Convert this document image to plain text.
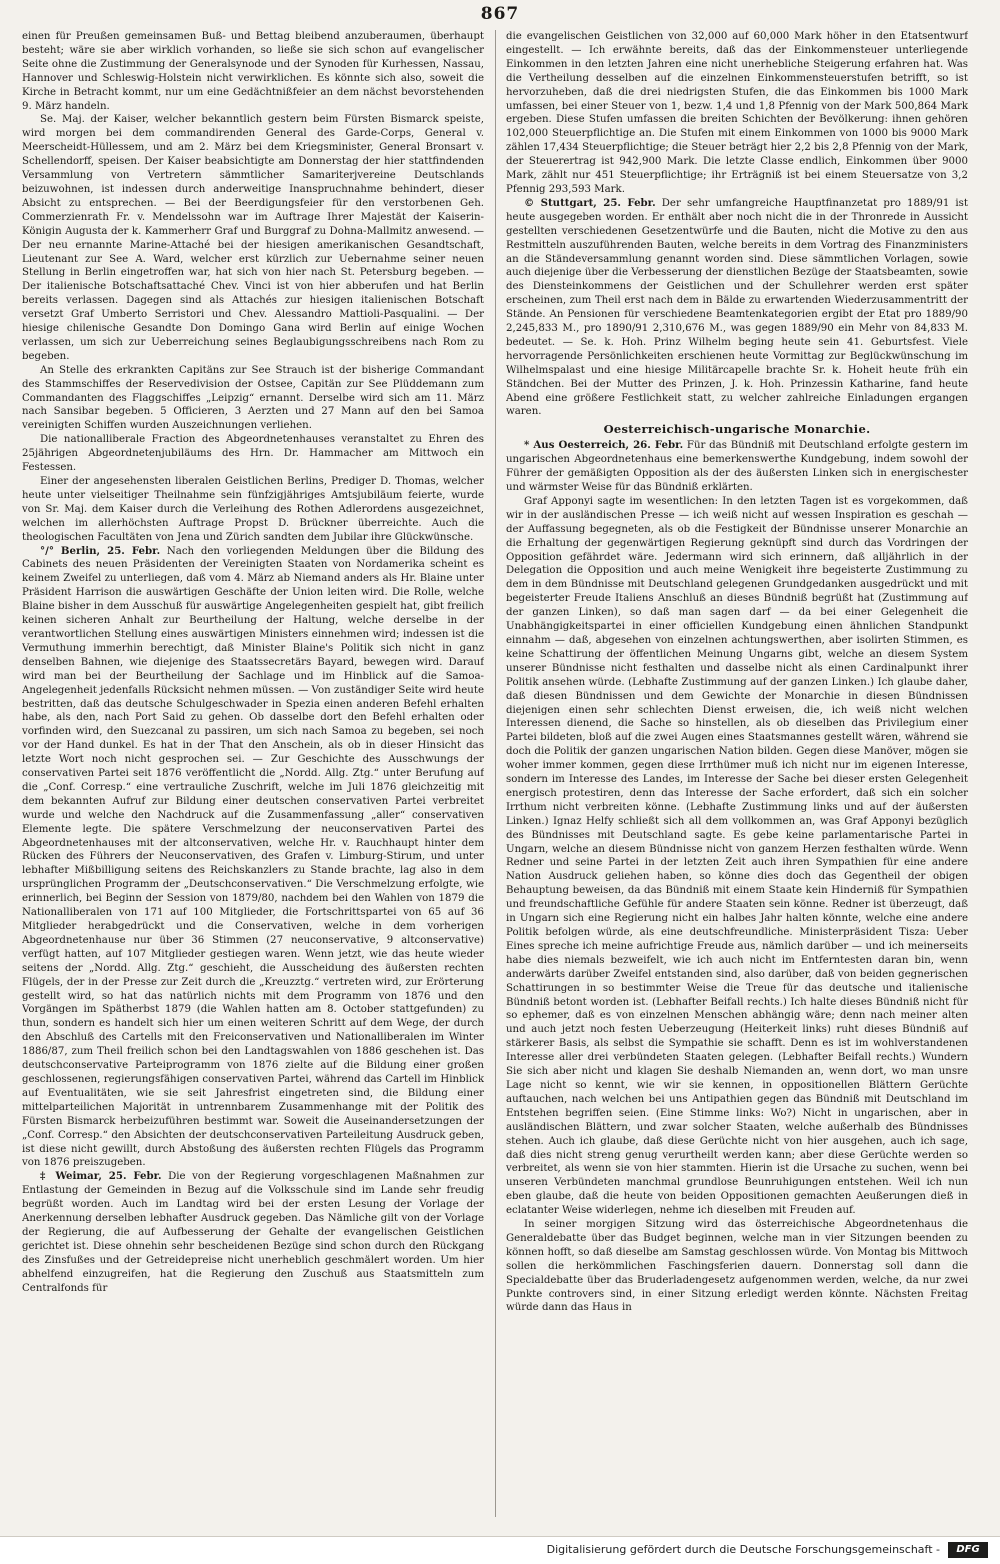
867

einen für Preußen gemeinsamen Buß- und Bettag bleibend anzuberaumen, überhaupt besteht; wäre sie aber wirklich vorhanden, so ließe sie sich schon auf evangelischer Seite ohne die Zustimmung der Generalsynode und der Synoden für Kurhessen, Nassau, Hannover und Schleswig-Holstein nicht verwirklichen. Es könnte sich also, soweit die Kirche in Betracht kommt, nur um eine Gedächtnißfeier an dem nächst bevorstehenden 9. März handeln.

Se. Maj. der Kaiser, welcher bekanntlich gestern beim Fürsten Bismarck speiste, wird morgen bei dem commandirenden General des Garde-Corps, General v. Meerscheidt-Hüllessem, und am 2. März bei dem Kriegsminister, General Bronsart v. Schellendorff, speisen. Der Kaiser beabsichtigte am Donnerstag der hier stattfindenden Versammlung von Vertretern sämmtlicher Samariterjvereine Deutschlands beizuwohnen, ist indessen durch anderweitige Inanspruchnahme behindert, dieser Absicht zu entsprechen. — Bei der Beerdigungsfeier für den verstorbenen Geh. Commerzienrath Fr. v. Mendelssohn war im Auftrage Ihrer Majestät der Kaiserin-Königin Augusta der k. Kammerherr Graf und Burggraf zu Dohna-Mallmitz anwesend. — Der neu ernannte Marine-Attaché bei der hiesigen amerikanischen Gesandtschaft, Lieutenant zur See A. Ward, welcher erst kürzlich zur Uebernahme seiner neuen Stellung in Berlin eingetroffen war, hat sich von hier nach St. Petersburg begeben. — Der italienische Botschaftsattaché Chev. Vinci ist von hier abberufen und hat Berlin bereits verlassen. Dagegen sind als Attachés zur hiesigen italienischen Botschaft versetzt Graf Umberto Serristori und Chev. Alessandro Mattioli-Pasqualini. — Der hiesige chilenische Gesandte Don Domingo Gana wird Berlin auf einige Wochen verlassen, um sich zur Ueberreichung seines Beglaubigungsschreibens nach Rom zu begeben.

An Stelle des erkrankten Capitäns zur See Strauch ist der bisherige Commandant des Stammschiffes der Reservedivision der Ostsee, Capitän zur See Plüddemann zum Commandanten des Flaggschiffes „Leipzig“ ernannt. Derselbe wird sich am 11. März nach Sansibar begeben. 5 Officieren, 3 Aerzten und 27 Mann auf den bei Samoa vereinigten Schiffen wurden Auszeichnungen verliehen.

Die nationalliberale Fraction des Abgeordnetenhauses veranstaltet zu Ehren des 25jährigen Abgeordnetenjubiläums des Hrn. Dr. Hammacher am Mittwoch ein Festessen.

Einer der angesehensten liberalen Geistlichen Berlins, Prediger D. Thomas, welcher heute unter vielseitiger Theilnahme sein fünfzigjähriges Amtsjubiläum feierte, wurde von Sr. Maj. dem Kaiser durch die Verleihung des Rothen Adlerordens ausgezeichnet, welchen im allerhöchsten Auftrage Propst D. Brückner überreichte. Auch die theologischen Facultäten von Jena und Zürich sandten dem Jubilar ihre Glückwünsche.

°/° Berlin, 25. Febr. Nach den vorliegenden Meldungen über die Bildung des Cabinets des neuen Präsidenten der Vereinigten Staaten von Nordamerika scheint es keinem Zweifel zu unterliegen, daß vom 4. März ab Niemand anders als Hr. Blaine unter Präsident Harrison die auswärtigen Geschäfte der Union leiten wird. Die Rolle, welche Blaine bisher in dem Ausschuß für auswärtige Angelegenheiten gespielt hat, gibt freilich keinen sicheren Anhalt zur Beurtheilung der Haltung, welche derselbe in der verantwortlichen Stellung eines auswärtigen Ministers einnehmen wird; indessen ist die Vermuthung immerhin berechtigt, daß Minister Blaine's Politik sich nicht in ganz denselben Bahnen, wie diejenige des Staatssecretärs Bayard, bewegen wird. Darauf wird man bei der Beurtheilung der Sachlage und im Hinblick auf die Samoa-Angelegenheit jedenfalls Rücksicht nehmen müssen. — Von zuständiger Seite wird heute bestritten, daß das deutsche Schulgeschwader in Spezia einen anderen Befehl erhalten habe, als den, nach Port Said zu gehen. Ob dasselbe dort den Befehl erhalten oder vorfinden wird, den Suezcanal zu passiren, um sich nach Samoa zu begeben, sei noch vor der Hand dunkel. Es hat in der That den Anschein, als ob in dieser Hinsicht das letzte Wort noch nicht gesprochen sei. — Zur Geschichte des Ausschwungs der conservativen Partei seit 1876 veröffentlicht die „Nordd. Allg. Ztg.“ unter Berufung auf die „Conf. Corresp.“ eine vertrauliche Zuschrift, welche im Juli 1876 gleichzeitig mit dem bekannten Aufruf zur Bildung einer deutschen conservativen Partei verbreitet wurde und welche den Nachdruck auf die Zusammenfassung „aller“ conservativen Elemente legte. Die spätere Verschmelzung der neuconservativen Partei des Abgeordnetenhauses mit der altconservativen, welche Hr. v. Rauchhaupt hinter dem Rücken des Führers der Neuconservativen, des Grafen v. Limburg-Stirum, und unter lebhafter Mißbilligung seitens des Reichskanzlers zu Stande brachte, lag also in dem ursprünglichen Programm der „Deutschconservativen.“ Die Verschmelzung erfolgte, wie erinnerlich, bei Beginn der Session von 1879/80, nachdem bei den Wahlen von 1879 die Nationalliberalen von 171 auf 100 Mitglieder, die Fortschrittspartei von 65 auf 36 Mitglieder herabgedrückt und die Conservativen, welche in dem vorherigen Abgeordnetenhause nur über 36 Stimmen (27 neuconservative, 9 altconservative) verfügt hatten, auf 107 Mitglieder gestiegen waren. Wenn jetzt, wie das heute wieder seitens der „Nordd. Allg. Ztg.“ geschieht, die Ausscheidung des äußersten rechten Flügels, der in der Presse zur Zeit durch die „Kreuzztg.“ vertreten wird, zur Erörterung gestellt wird, so hat das natürlich nichts mit dem Programm von 1876 und den Vorgängen im Spätherbst 1879 (die Wahlen hatten am 8. October stattgefunden) zu thun, sondern es handelt sich hier um einen weiteren Schritt auf dem Wege, der durch den Abschluß des Cartells mit den Freiconservativen und Nationalliberalen im Winter 1886/87, zum Theil freilich schon bei den Landtagswahlen von 1886 geschehen ist. Das deutschconservative Parteiprogramm von 1876 zielte auf die Bildung einer großen geschlossenen, regierungsfähigen conservativen Partei, während das Cartell im Hinblick auf Eventualitäten, wie sie seit Jahresfrist eingetreten sind, die Bildung einer mittelparteilichen Majorität in untrennbarem Zusammenhange mit der Politik des Fürsten Bismarck herbeizuführen bestimmt war. Soweit die Auseinandersetzungen der „Conf. Corresp.“ den Absichten der deutschconservativen Parteileitung Ausdruck geben, ist diese nicht gewillt, durch Abstoßung des äußersten rechten Flügels das Programm von 1876 preiszugeben.

‡ Weimar, 25. Febr. Die von der Regierung vorgeschlagenen Maßnahmen zur Entlastung der Gemeinden in Bezug auf die Volksschule sind im Lande sehr freudig begrüßt worden. Auch im Landtag wird bei der ersten Lesung der Vorlage der Anerkennung derselben lebhafter Ausdruck gegeben. Das Nämliche gilt von der Vorlage der Regierung, die auf Aufbesserung der Gehalte der evangelischen Geistlichen gerichtet ist. Diese ohnehin sehr bescheidenen Bezüge sind schon durch den Rückgang des Zinsfußes und der Getreidepreise nicht unerheblich geschmälert worden. Um hier abhelfend einzugreifen, hat die Regierung den Zuschuß aus Staatsmitteln zum Centralfonds für

die evangelischen Geistlichen von 32,000 auf 60,000 Mark höher in den Etatsentwurf eingestellt. — Ich erwähnte bereits, daß das der Einkommensteuer unterliegende Einkommen in den letzten Jahren eine nicht unerhebliche Steigerung erfahren hat. Was die Vertheilung desselben auf die einzelnen Einkommensteuerstufen betrifft, so ist hervorzuheben, daß die drei niedrigsten Stufen, die das Einkommen bis 1000 Mark umfassen, bei einer Steuer von 1, bezw. 1,4 und 1,8 Pfennig von der Mark 500,864 Mark ergeben. Diese Stufen umfassen die breiten Schichten der Bevölkerung: ihnen gehören 102,000 Steuerpflichtige an. Die Stufen mit einem Einkommen von 1000 bis 9000 Mark zählen 17,434 Steuerpflichtige; die Steuer beträgt hier 2,2 bis 2,8 Pfennig von der Mark, der Steuerertrag ist 942,900 Mark. Die letzte Classe endlich, Einkommen über 9000 Mark, zählt nur 451 Steuerpflichtige; ihr Erträgniß ist bei einem Steuersatze von 3,2 Pfennig 293,593 Mark.

© Stuttgart, 25. Febr. Der sehr umfangreiche Hauptfinanzetat pro 1889/91 ist heute ausgegeben worden. Er enthält aber noch nicht die in der Thronrede in Aussicht gestellten verschiedenen Gesetzentwürfe und die Bauten, nicht die Motive zu den aus Restmitteln auszuführenden Bauten, welche bereits in dem Vortrag des Finanzministers an die Ständeversammlung genannt worden sind. Diese sämmtlichen Vorlagen, sowie auch diejenige über die Verbesserung der dienstlichen Bezüge der Staatsbeamten, sowie des Diensteinkommens der Geistlichen und der Schullehrer werden erst später erscheinen, zum Theil erst nach dem in Bälde zu erwartenden Wiederzusammentritt der Stände. An Pensionen für verschiedene Beamtenkategorien ergibt der Etat pro 1889/90 2,245,833 M., pro 1890/91 2,310,676 M., was gegen 1889/90 ein Mehr von 84,833 M. bedeutet. — Se. k. Hoh. Prinz Wilhelm beging heute sein 41. Geburtsfest. Viele hervorragende Persönlichkeiten erschienen heute Vormittag zur Beglückwünschung im Wilhelmspalast und eine hiesige Militärcapelle brachte Sr. k. Hoheit heute früh ein Ständchen. Bei der Mutter des Prinzen, J. k. Hoh. Prinzessin Katharine, fand heute Abend eine größere Festlichkeit statt, zu welcher zahlreiche Einladungen ergangen waren.

Oesterreichisch-ungarische Monarchie.

* Aus Oesterreich, 26. Febr. Für das Bündniß mit Deutschland erfolgte gestern im ungarischen Abgeordnetenhaus eine bemerkenswerthe Kundgebung, indem sowohl der Führer der gemäßigten Opposition als der des äußersten Linken sich in energischester und wärmster Weise für das Bündniß erklärten.

Graf Apponyi sagte im wesentlichen: In den letzten Tagen ist es vorgekommen, daß wir in der ausländischen Presse — ich weiß nicht auf wessen Inspiration es geschah — der Auffassung begegneten, als ob die Festigkeit der Bündnisse unserer Monarchie an die Erhaltung der gegenwärtigen Regierung geknüpft sind durch das Vordringen der Opposition gefährdet wäre. Jedermann wird sich erinnern, daß alljährlich in der Delegation die Opposition und auch meine Wenigkeit ihre begeisterte Zustimmung zu dem in dem Bündnisse mit Deutschland gelegenen Grundgedanken ausgedrückt und mit begeisterter Freude Italiens Anschluß an dieses Bündniß begrüßt hat (Zustimmung auf der ganzen Linken), so daß man sagen darf — da bei einer Gelegenheit die Unabhängigkeitspartei in einer officiellen Kundgebung einen ähnlichen Standpunkt einnahm — daß, abgesehen von einzelnen achtungswerthen, aber isolirten Stimmen, es keine Schattirung der öffentlichen Meinung Ungarns gibt, welche an diesem System unserer Bündnisse nicht festhalten und dasselbe nicht als einen Cardinalpunkt ihrer Politik ansehen würde. (Lebhafte Zustimmung auf der ganzen Linken.) Ich glaube daher, daß diesen Bündnissen und dem Gewichte der Monarchie in diesen Bündnissen diejenigen einen sehr schlechten Dienst erweisen, die, ich weiß nicht welchen Interessen dienend, die Sache so hinstellen, als ob dieselben das Privilegium einer Partei bildeten, bloß auf die zwei Augen eines Staatsmannes gestellt wären, während sie doch die Politik der ganzen ungarischen Nation bilden. Gegen diese Manöver, mögen sie woher immer kommen, gegen diese Irrthümer muß ich nicht nur im eigenen Interesse, sondern im Interesse des Landes, im Interesse der Sache bei dieser ersten Gelegenheit energisch protestiren, denn das Interesse der Sache erfordert, daß sich ein solcher Irrthum nicht verbreiten könne. (Lebhafte Zustimmung links und auf der äußersten Linken.) Ignaz Helfy schließt sich all dem vollkommen an, was Graf Apponyi bezüglich des Bündnisses mit Deutschland sagte. Es gebe keine parlamentarische Partei in Ungarn, welche an diesem Bündnisse nicht von ganzem Herzen festhalten würde. Wenn Redner und seine Partei in der letzten Zeit auch ihren Sympathien für eine andere Nation Ausdruck geliehen haben, so könne dies doch das Gegentheil der obigen Behauptung beweisen, da das Bündniß mit einem Staate kein Hinderniß für Sympathien und freundschaftliche Gefühle für andere Staaten sein könne. Redner ist überzeugt, daß in Ungarn sich eine Regierung nicht ein halbes Jahr halten könnte, welche eine andere Politik befolgen würde, als eine deutschfreundliche. Ministerpräsident Tisza: Ueber Eines spreche ich meine aufrichtige Freude aus, nämlich darüber — und ich meinerseits habe dies niemals bezweifelt, wie ich auch nicht im Entferntesten daran bin, wenn anderwärts darüber Zweifel entstanden sind, also darüber, daß von beiden gegnerischen Schattirungen in so bestimmter Weise die Treue für das deutsche und italienische Bündniß betont worden ist. (Lebhafter Beifall rechts.) Ich halte dieses Bündniß nicht für so ephemer, daß es von einzelnen Menschen abhängig wäre; denn nach meiner alten und auch jetzt noch festen Ueberzeugung (Heiterkeit links) ruht dieses Bündniß auf stärkerer Basis, als selbst die Sympathie sie schafft. Denn es ist im wohlverstandenen Interesse aller drei verbündeten Staaten gelegen. (Lebhafter Beifall rechts.) Wundern Sie sich aber nicht und klagen Sie deshalb Niemanden an, wenn dort, wo man unsre Lage nicht so kennt, wie wir sie kennen, in oppositionellen Blättern Gerüchte auftauchen, nach welchen bei uns Antipathien gegen das Bündniß mit Deutschland im Entstehen begriffen seien. (Eine Stimme links: Wo?) Nicht in ungarischen, aber in ausländischen Blättern, und zwar solcher Staaten, welche außerhalb des Bündnisses stehen. Auch ich glaube, daß diese Gerüchte nicht von hier ausgehen, auch ich sage, daß dies nicht streng genug verurtheilt werden kann; aber diese Gerüchte werden so verbreitet, als wenn sie von hier stammten. Hierin ist die Ursache zu suchen, wenn bei unseren Verbündeten manchmal grundlose Beunruhigungen entstehen. Weil ich nun eben glaube, daß die heute von beiden Oppositionen gemachten Aeußerungen dieß in eclatanter Weise widerlegen, nehme ich dieselben mit Freuden auf.

In seiner morgigen Sitzung wird das österreichische Abgeordnetenhaus die Generaldebatte über das Budget beginnen, welche man in vier Sitzungen beenden zu können hofft, so daß dieselbe am Samstag geschlossen würde. Von Montag bis Mittwoch sollen die herkömmlichen Faschingsferien dauern. Donnerstag soll dann die Specialdebatte über das Bruderladengesetz aufgenommen werden, welche, da nur zwei Punkte controvers sind, in einer Sitzung erledigt werden könnte. Nächsten Freitag würde dann das Haus in

Digitalisierung gefördert durch die Deutsche Forschungsgemeinschaft -	DFG
